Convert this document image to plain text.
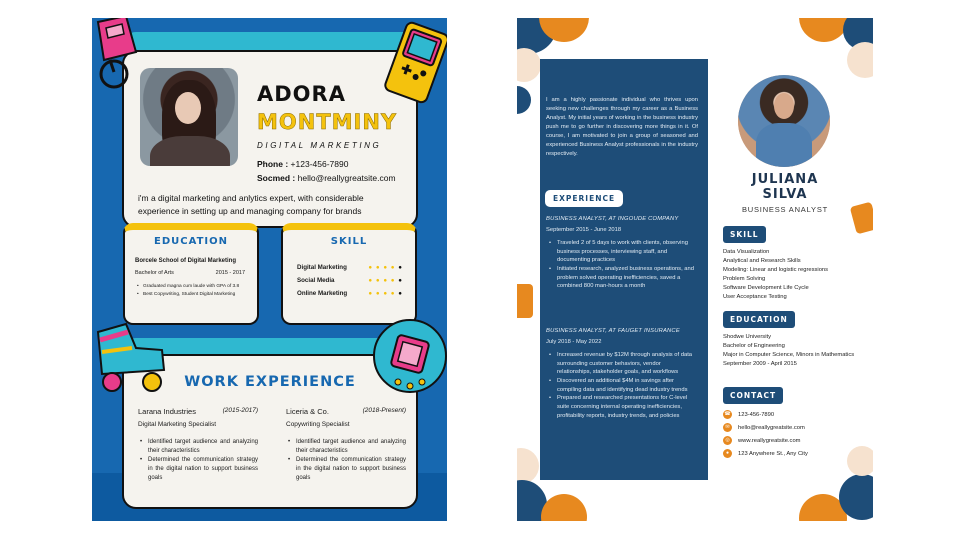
ADORA
MONTMINY
DIGITAL MARKETING
Phone : +123-456-7890
Socmed : hello@reallygreatsite.com
i'm a digital marketing and anlytics expert, with considerable experience in setting up and managing company for brands
EDUCATION
Borcele School of Digital Marketing
Bachelor of Arts	2015 - 2017
• Graduated magna cum laude with GPA of 3.8
• Best Copywriting, Student Digital Marketing
SKILL
Digital Marketing	● ● ● ● ●
Social Media	● ● ● ● ●
Online Marketing	● ● ● ● ●
WORK EXPERIENCE
Larana Industries	(2015-2017)
Digital Marketing Specialist
• Identified target audience and analyzing their characteristics
• Determined the communication strategy in the digital nation to support business goals
Liceria & Co.	(2018-Present)
Copywriting Specialist
• Identified target audience and analyzing their characteristics
• Determined the communication strategy in the digital nation to support business goals
I am a highly passionate individual who thrives upon seeking new challenges through my career as a Business Analyst. My initial years of working in the business industry push me to go further in discovering more things in it. Of course, I am motivated to join a group of seasoned and experienced Business Analyst professionals in the industry respectively.
EXPERIENCE
BUSINESS ANALYST, AT INGOUDE COMPANY
September 2015 - June 2018
• Traveled 2 of 5 days to work with clients, observing business processes, interviewing staff, and documenting practices
• Initiated research, analyzed business operations, and problem solved operating inefficiencies, saved a combined 800 man-hours a month
BUSINESS ANALYST, AT FAUGET INSURANCE
July 2018 - May 2022
• Increased revenue by $12M through analysis of data surrounding customer behaviors, vendor relationships, stakeholder goals, and workflows
• Discovered an additional $4M in savings after compiling data and identifying dead industry trends
• Prepared and researched presentations for C-level suite concerning internal operating inefficiencies, profitability reports, industry trends, and policies
JULIANA
SILVA
BUSINESS ANALYST
SKILL
Data Visualization
Analytical and Research Skills
Modeling: Linear and logistic regressions
Problem Solving
Software Development Life Cycle
User Acceptance Testing
EDUCATION
Shodwe University
Bachelor of Engineering
Major in Computer Science, Minors in Mathematics
September 2009 - April 2015
CONTACT
☎ 123-456-7890
✉	hello@reallygreatsite.com
◎	www.reallygreatsite.com
●	123 Anywhere St., Any City
